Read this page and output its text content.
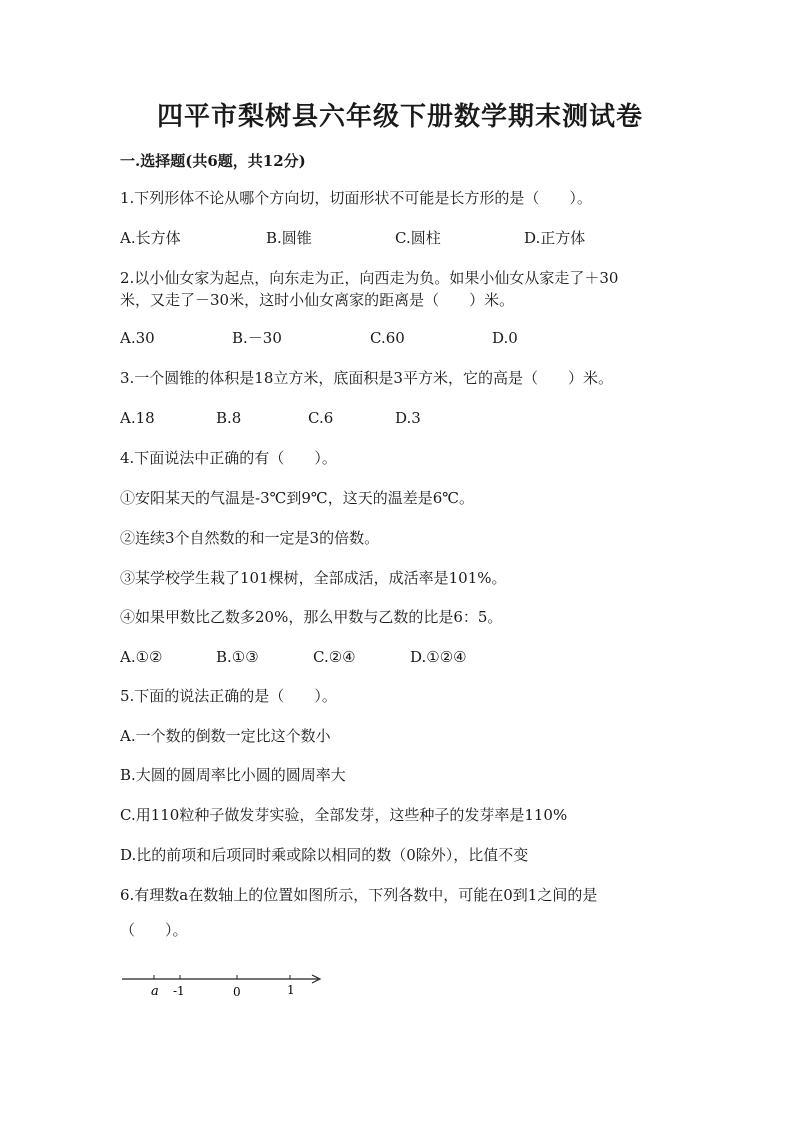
四平市梨树县六年级下册数学期末测试卷
一.选择题(共6题，共12分)
1.下列形体不论从哪个方向切，切面形状不可能是长方形的是（　　）。
A.长方体	B.圆锥	C.圆柱	D.正方体
2.以小仙女家为起点，向东走为正，向西走为负。如果小仙女从家走了＋30
米，又走了－30米，这时小仙女离家的距离是（　　）米。
A.30	B.－30	C.60	D.0
3.一个圆锥的体积是18立方米，底面积是3平方米，它的高是（　　）米。
A.18	B.8	C.6	D.3
4.下面说法中正确的有（　　）。
①安阳某天的气温是-3℃到9℃，这天的温差是6℃。
②连续3个自然数的和一定是3的倍数。
③某学校学生栽了101棵树，全部成活，成活率是101%。
④如果甲数比乙数多20%，那么甲数与乙数的比是6：5。
A.①②	B.①③	C.②④	D.①②④
5.下面的说法正确的是（　　）。
A.一个数的倒数一定比这个数小
B.大圆的圆周率比小圆的圆周率大
C.用110粒种子做发芽实验，全部发芽，这些种子的发芽率是110%
D.比的前项和后项同时乘或除以相同的数（0除外），比值不变
6.有理数a在数轴上的位置如图所示，下列各数中，可能在0到1之间的是
（　　）。
a -1	0	1
